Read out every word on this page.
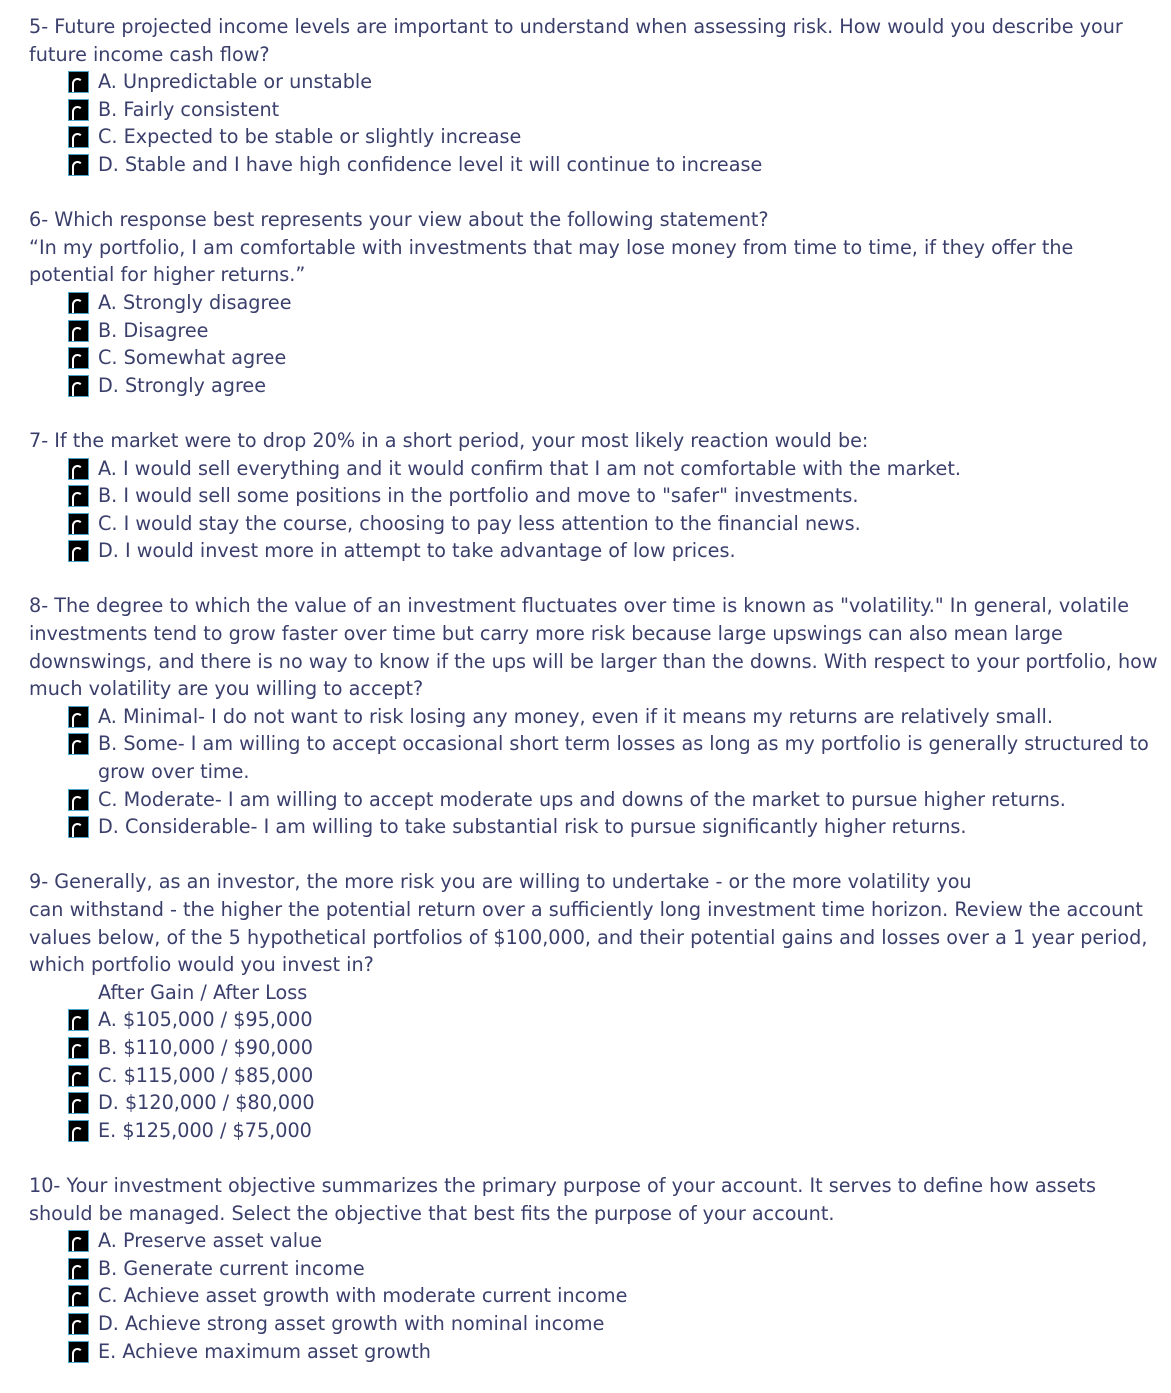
5- Future projected income levels are important to understand when assessing risk. How would you describe your future income cash flow?

A. Unpredictable or unstable
B. Fairly consistent
C. Expected to be stable or slightly increase
D. Stable and I have high confidence level it will continue to increase

6- Which response best represents your view about the following statement?
“In my portfolio, I am comfortable with investments that may lose money from time to time, if they offer the potential for higher returns.”

A. Strongly disagree
B. Disagree
C. Somewhat agree
D. Strongly agree

7- If the market were to drop 20% in a short period, your most likely reaction would be:

A. I would sell everything and it would confirm that I am not comfortable with the market.
B. I would sell some positions in the portfolio and move to "safer" investments.
C. I would stay the course, choosing to pay less attention to the financial news.
D. I would invest more in attempt to take advantage of low prices.

8- The degree to which the value of an investment fluctuates over time is known as "volatility." In general, volatile investments tend to grow faster over time but carry more risk because large upswings can also mean large downswings, and there is no way to know if the ups will be larger than the downs. With respect to your portfolio, how much volatility are you willing to accept?

A. Minimal- I do not want to risk losing any money, even if it means my returns are relatively small.
B. Some- I am willing to accept occasional short term losses as long as my portfolio is generally structured to grow over time.
C. Moderate- I am willing to accept moderate ups and downs of the market to pursue higher returns.
D. Considerable- I am willing to take substantial risk to pursue significantly higher returns.

9- Generally, as an investor, the more risk you are willing to undertake - or the more volatility you
can withstand - the higher the potential return over a sufficiently long investment time horizon. Review the account values below, of the 5 hypothetical portfolios of $100,000, and their potential gains and losses over a 1 year period, which portfolio would you invest in?

After Gain / After Loss
A. $105,000 / $95,000
B. $110,000 / $90,000
C. $115,000 / $85,000
D. $120,000 / $80,000
E. $125,000 / $75,000

10- Your investment objective summarizes the primary purpose of your account. It serves to define how assets should be managed. Select the objective that best fits the purpose of your account.

A. Preserve asset value
B. Generate current income
C. Achieve asset growth with moderate current income
D. Achieve strong asset growth with nominal income
E. Achieve maximum asset growth
